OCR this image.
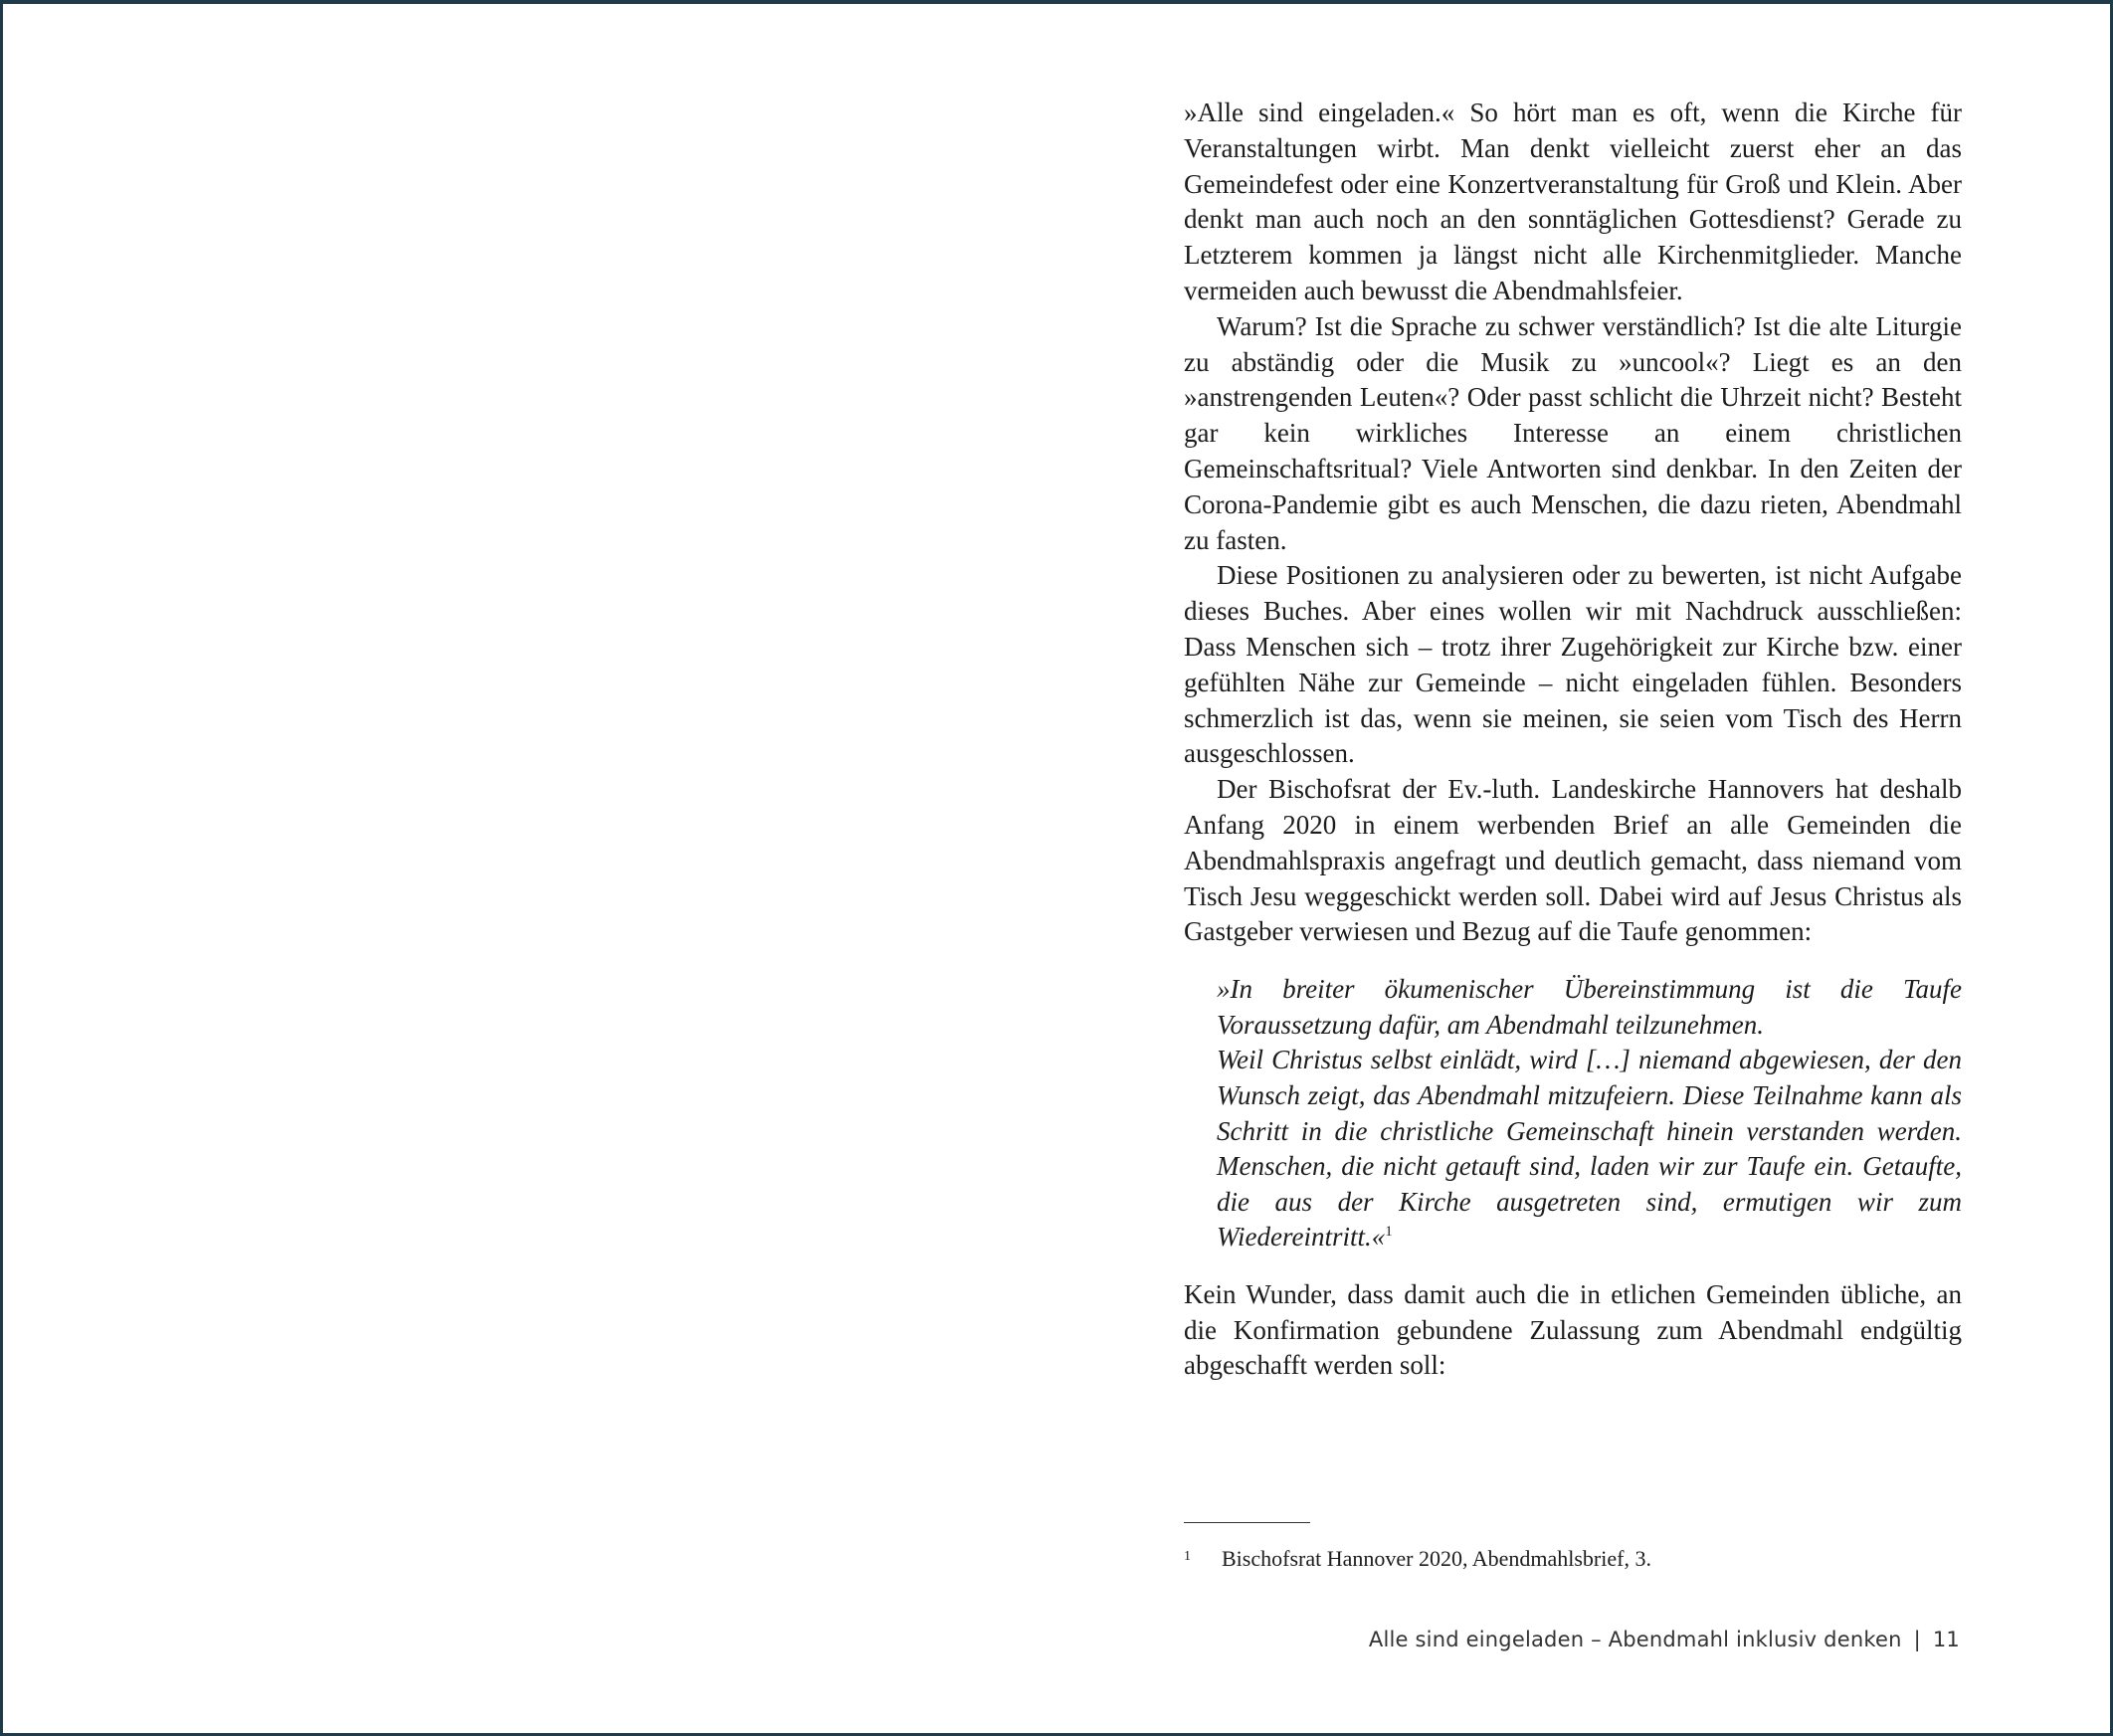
»Alle sind eingeladen.« So hört man es oft, wenn die Kirche für Veranstaltungen wirbt. Man denkt vielleicht zuerst eher an das Gemeindefest oder eine Konzertveranstaltung für Groß und Klein. Aber denkt man auch noch an den sonntäglichen Gottesdienst? Gerade zu Letzterem kommen ja längst nicht alle Kirchenmitglieder. Manche vermeiden auch bewusst die Abendmahlsfeier.

Warum? Ist die Sprache zu schwer verständlich? Ist die alte Liturgie zu abständig oder die Musik zu »uncool«? Liegt es an den »anstrengenden Leuten«? Oder passt schlicht die Uhrzeit nicht? Besteht gar kein wirkliches Interesse an einem christlichen Gemeinschaftsritual? Viele Antworten sind denkbar. In den Zeiten der Corona-Pandemie gibt es auch Menschen, die dazu rieten, Abendmahl zu fasten.

Diese Positionen zu analysieren oder zu bewerten, ist nicht Aufgabe dieses Buches. Aber eines wollen wir mit Nachdruck ausschließen: Dass Menschen sich – trotz ihrer Zugehörigkeit zur Kirche bzw. einer gefühlten Nähe zur Gemeinde – nicht eingeladen fühlen. Besonders schmerzlich ist das, wenn sie meinen, sie seien vom Tisch des Herrn ausgeschlossen.

Der Bischofsrat der Ev.-luth. Landeskirche Hannovers hat deshalb Anfang 2020 in einem werbenden Brief an alle Gemeinden die Abendmahlspraxis angefragt und deutlich gemacht, dass niemand vom Tisch Jesu weggeschickt werden soll. Dabei wird auf Jesus Christus als Gastgeber verwiesen und Bezug auf die Taufe genommen:

»In breiter ökumenischer Übereinstimmung ist die Taufe Voraussetzung dafür, am Abendmahl teilzunehmen.

Weil Christus selbst einlädt, wird […] niemand abgewiesen, der den Wunsch zeigt, das Abendmahl mitzufeiern. Diese Teilnahme kann als Schritt in die christliche Gemeinschaft hinein verstanden werden. Menschen, die nicht getauft sind, laden wir zur Taufe ein. Getaufte, die aus der Kirche ausgetreten sind, ermutigen wir zum Wiedereintritt.«$^1$

Kein Wunder, dass damit auch die in etlichen Gemeinden übliche, an die Konfirmation gebundene Zulassung zum Abendmahl endgültig abgeschafft werden soll:

1 Bischofsrat Hannover 2020, Abendmahlsbrief, 3.
Alle sind eingeladen – Abendmahl inklusiv denken | 11
